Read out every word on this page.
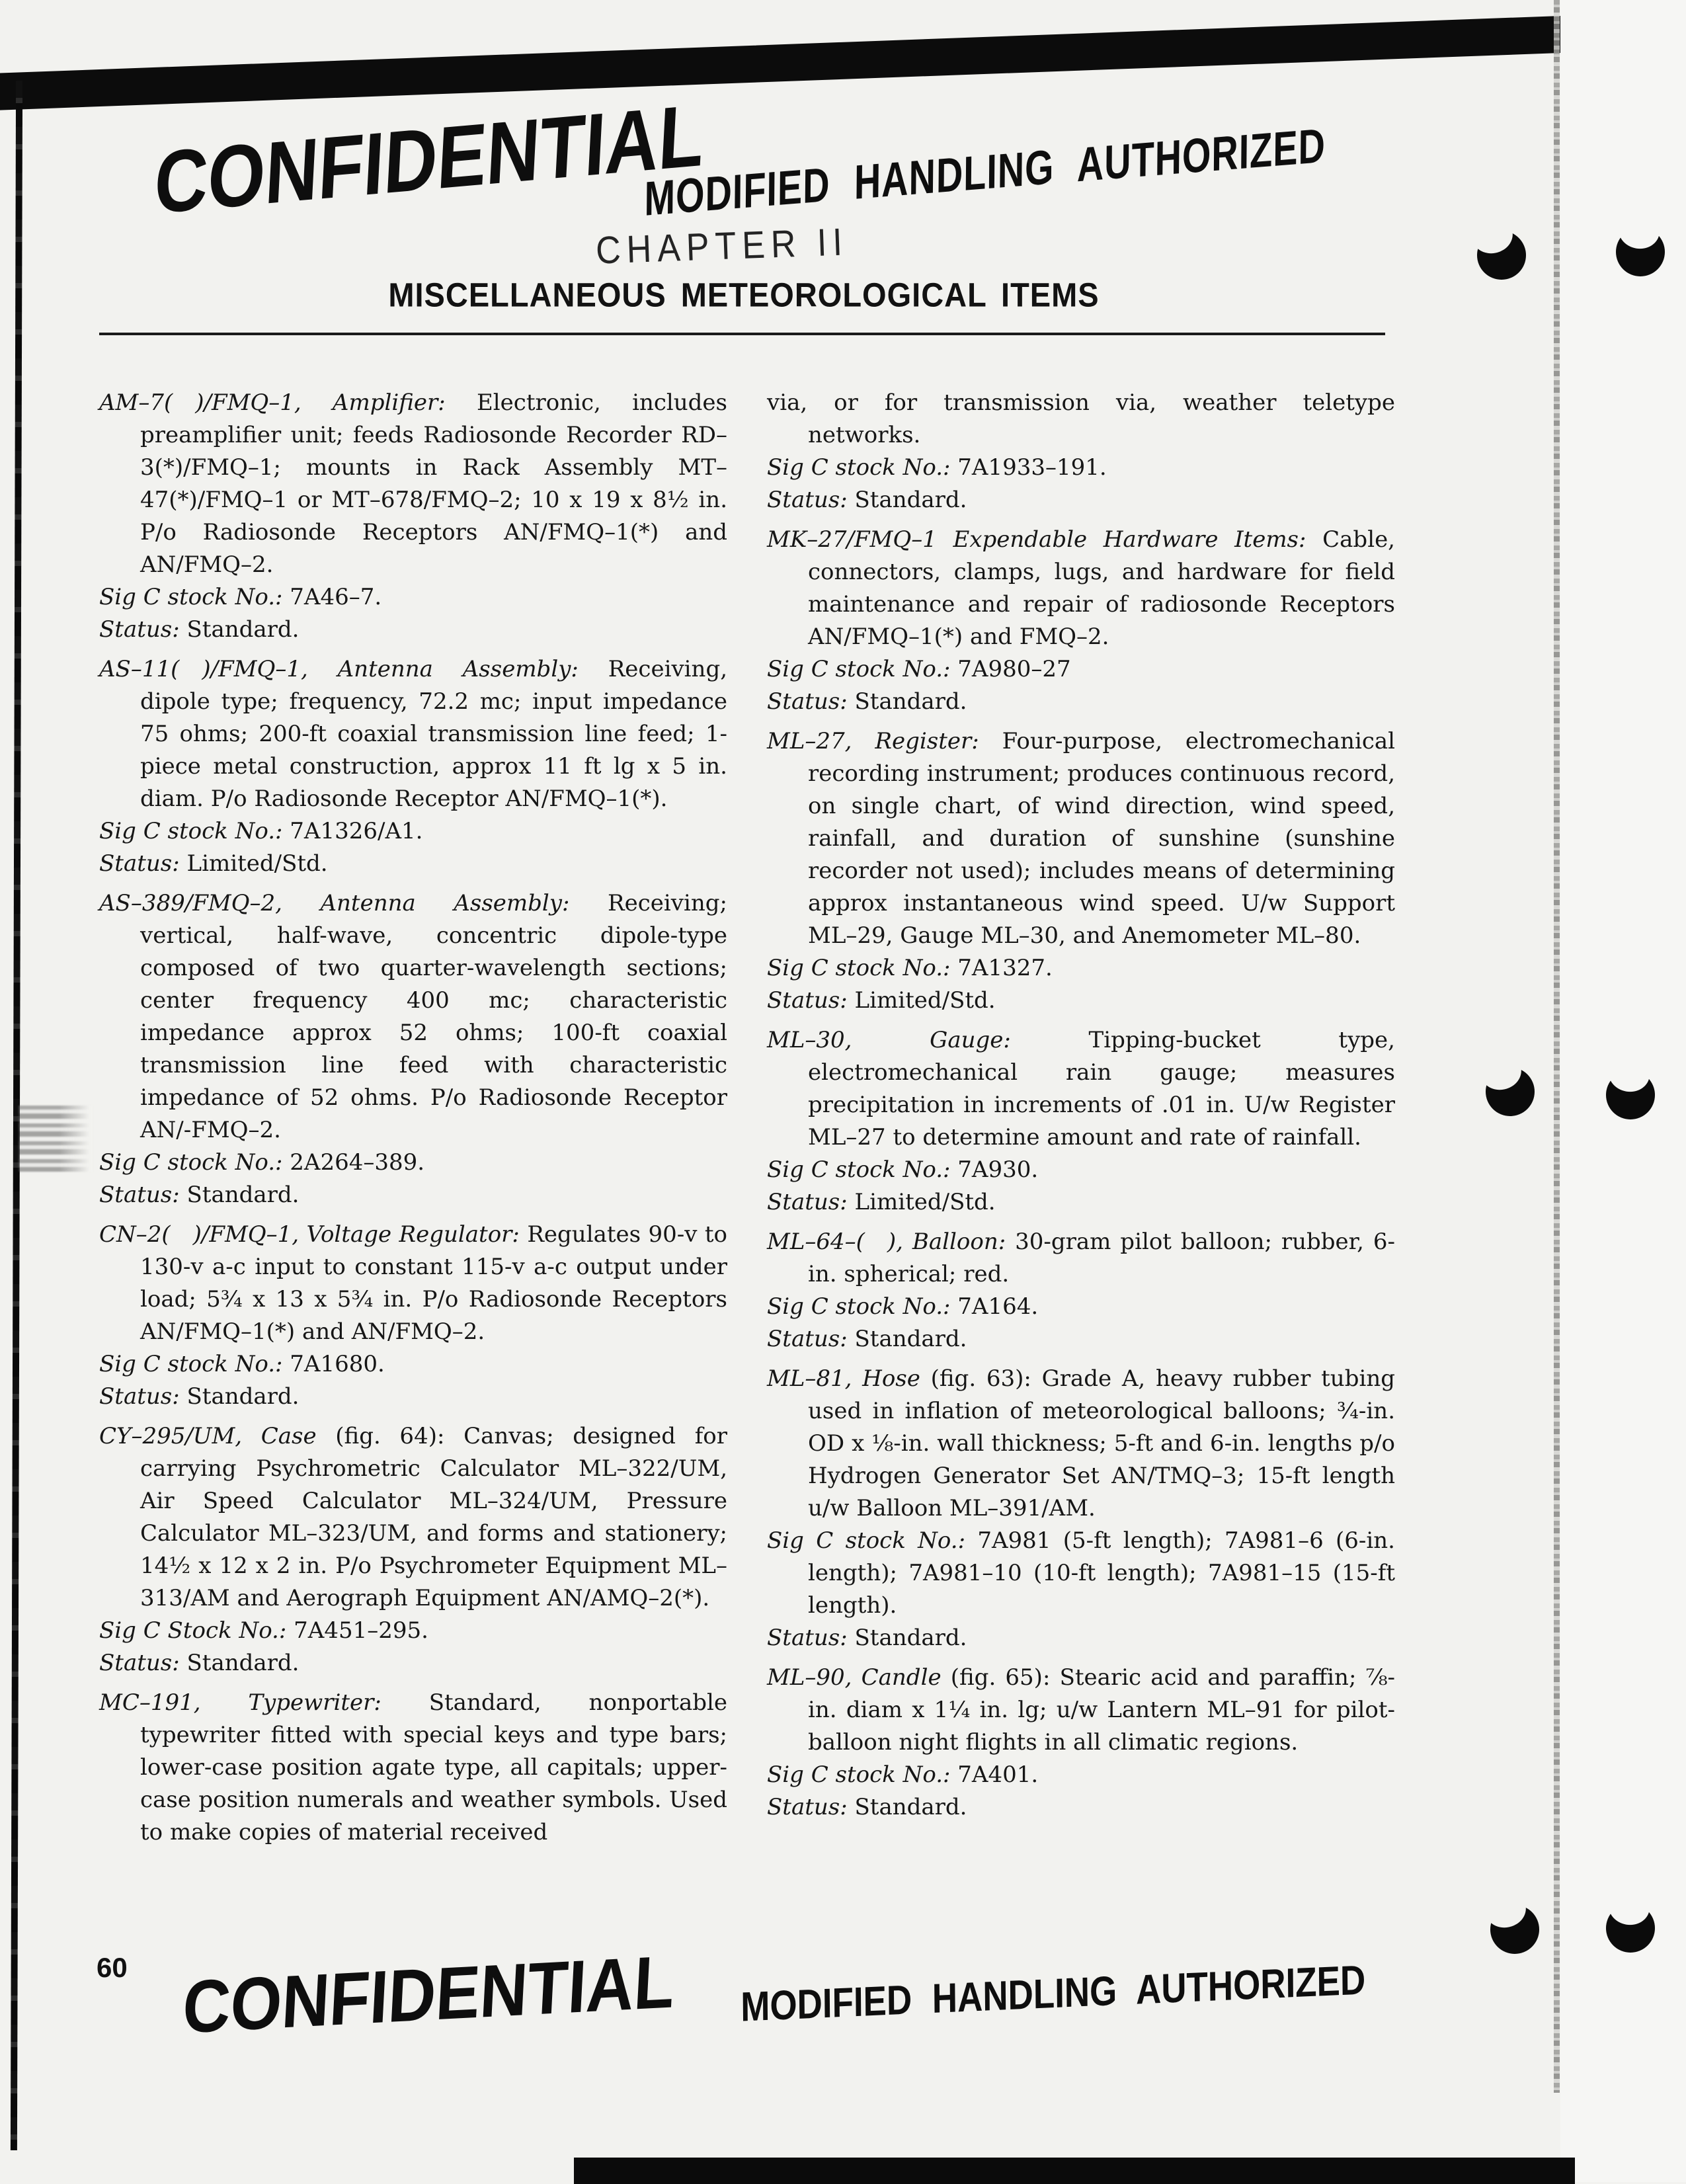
CONFIDENTIAL
MODIFIED HANDLING AUTHORIZED
CHAPTER II
MISCELLANEOUS METEOROLOGICAL ITEMS

AM–7(  )/FMQ–1, Amplifier: Electronic, includes preamplifier unit; feeds Radiosonde Recorder RD–3(*)/FMQ–1; mounts in Rack Assembly MT–47(*)/FMQ–1 or MT–678/FMQ–2; 10 x 19 x 8½ in. P/o Radiosonde Receptors AN/FMQ–1(*) and AN/FMQ–2.

Sig C stock No.: 7A46–7.

Status: Standard.

AS–11(  )/FMQ–1, Antenna Assembly: Receiving, dipole type; frequency, 72.2 mc; input impedance 75 ohms; 200-ft coaxial transmission line feed; 1-piece metal construction, approx 11 ft lg x 5 in. diam. P/o Radiosonde Receptor AN/FMQ–1(*).

Sig C stock No.: 7A1326/A1.

Status: Limited/Std.

AS–389/FMQ–2, Antenna Assembly: Receiving; vertical, half-wave, concentric dipole-type composed of two quarter-wavelength sections; center frequency 400 mc; characteristic impedance approx 52 ohms; 100-ft coaxial transmission line feed with characteristic impedance of 52 ohms. P/o Radiosonde Receptor AN/-FMQ–2.

Sig C stock No.: 2A264–389.

Status: Standard.

CN–2(  )/FMQ–1, Voltage Regulator: Regulates 90-v to 130-v a-c input to constant 115-v a-c output under load; 5¾ x 13 x 5¾ in. P/o Radiosonde Receptors AN/FMQ–1(*) and AN/FMQ–2.

Sig C stock No.: 7A1680.

Status: Standard.

CY–295/UM, Case (fig. 64): Canvas; designed for carrying Psychrometric Calculator ML–322/UM, Air Speed Calculator ML–324/UM, Pressure Calculator ML–323/UM, and forms and stationery; 14½ x 12 x 2 in. P/o Psychrometer Equipment ML–313/AM and Aerograph Equipment AN/AMQ–2(*).

Sig C Stock No.: 7A451–295.

Status: Standard.

MC–191, Typewriter: Standard, nonportable typewriter fitted with special keys and type bars; lower-case position agate type, all capitals; upper-case position numerals and weather symbols. Used to make copies of material received

via, or for transmission via, weather teletype networks.

Sig C stock No.: 7A1933–191.

Status: Standard.

MK–27/FMQ–1 Expendable Hardware Items: Cable, connectors, clamps, lugs, and hardware for field maintenance and repair of radiosonde Receptors AN/FMQ–1(*) and FMQ–2.

Sig C stock No.: 7A980–27

Status: Standard.

ML–27, Register: Four-purpose, electromechanical recording instrument; produces continuous record, on single chart, of wind direction, wind speed, rainfall, and duration of sunshine (sunshine recorder not used); includes means of determining approx instantaneous wind speed. U/w Support ML–29, Gauge ML–30, and Anemometer ML–80.

Sig C stock No.: 7A1327.

Status: Limited/Std.

ML–30, Gauge:	Tipping-bucket type, electromechanical rain gauge; measures precipitation in increments of .01 in. U/w Register ML–27 to determine amount and rate of rainfall.

Sig C stock No.: 7A930.

Status: Limited/Std.

ML–64–(  ), Balloon: 30-gram pilot balloon; rubber, 6-in. spherical; red.

Sig C stock No.: 7A164.

Status: Standard.

ML–81, Hose (fig. 63): Grade A, heavy rubber tubing used in inflation of meteorological balloons; ¾-in. OD x ⅛-in. wall thickness; 5-ft and 6-in. lengths p/o Hydrogen Generator Set AN/TMQ–3; 15-ft length u/w Balloon ML–391/AM.

Sig C stock No.: 7A981 (5-ft length); 7A981–6 (6-in. length); 7A981–10 (10-ft length); 7A981–15 (15-ft length).

Status: Standard.

ML–90, Candle (fig. 65): Stearic acid and paraffin; ⅞-in. diam x 1¼ in. lg; u/w Lantern ML–91 for pilot-balloon night flights in all climatic regions.

Sig C stock No.: 7A401.

Status: Standard.

60 CONFIDENTIAL MODIFIED HANDLING AUTHORIZED
